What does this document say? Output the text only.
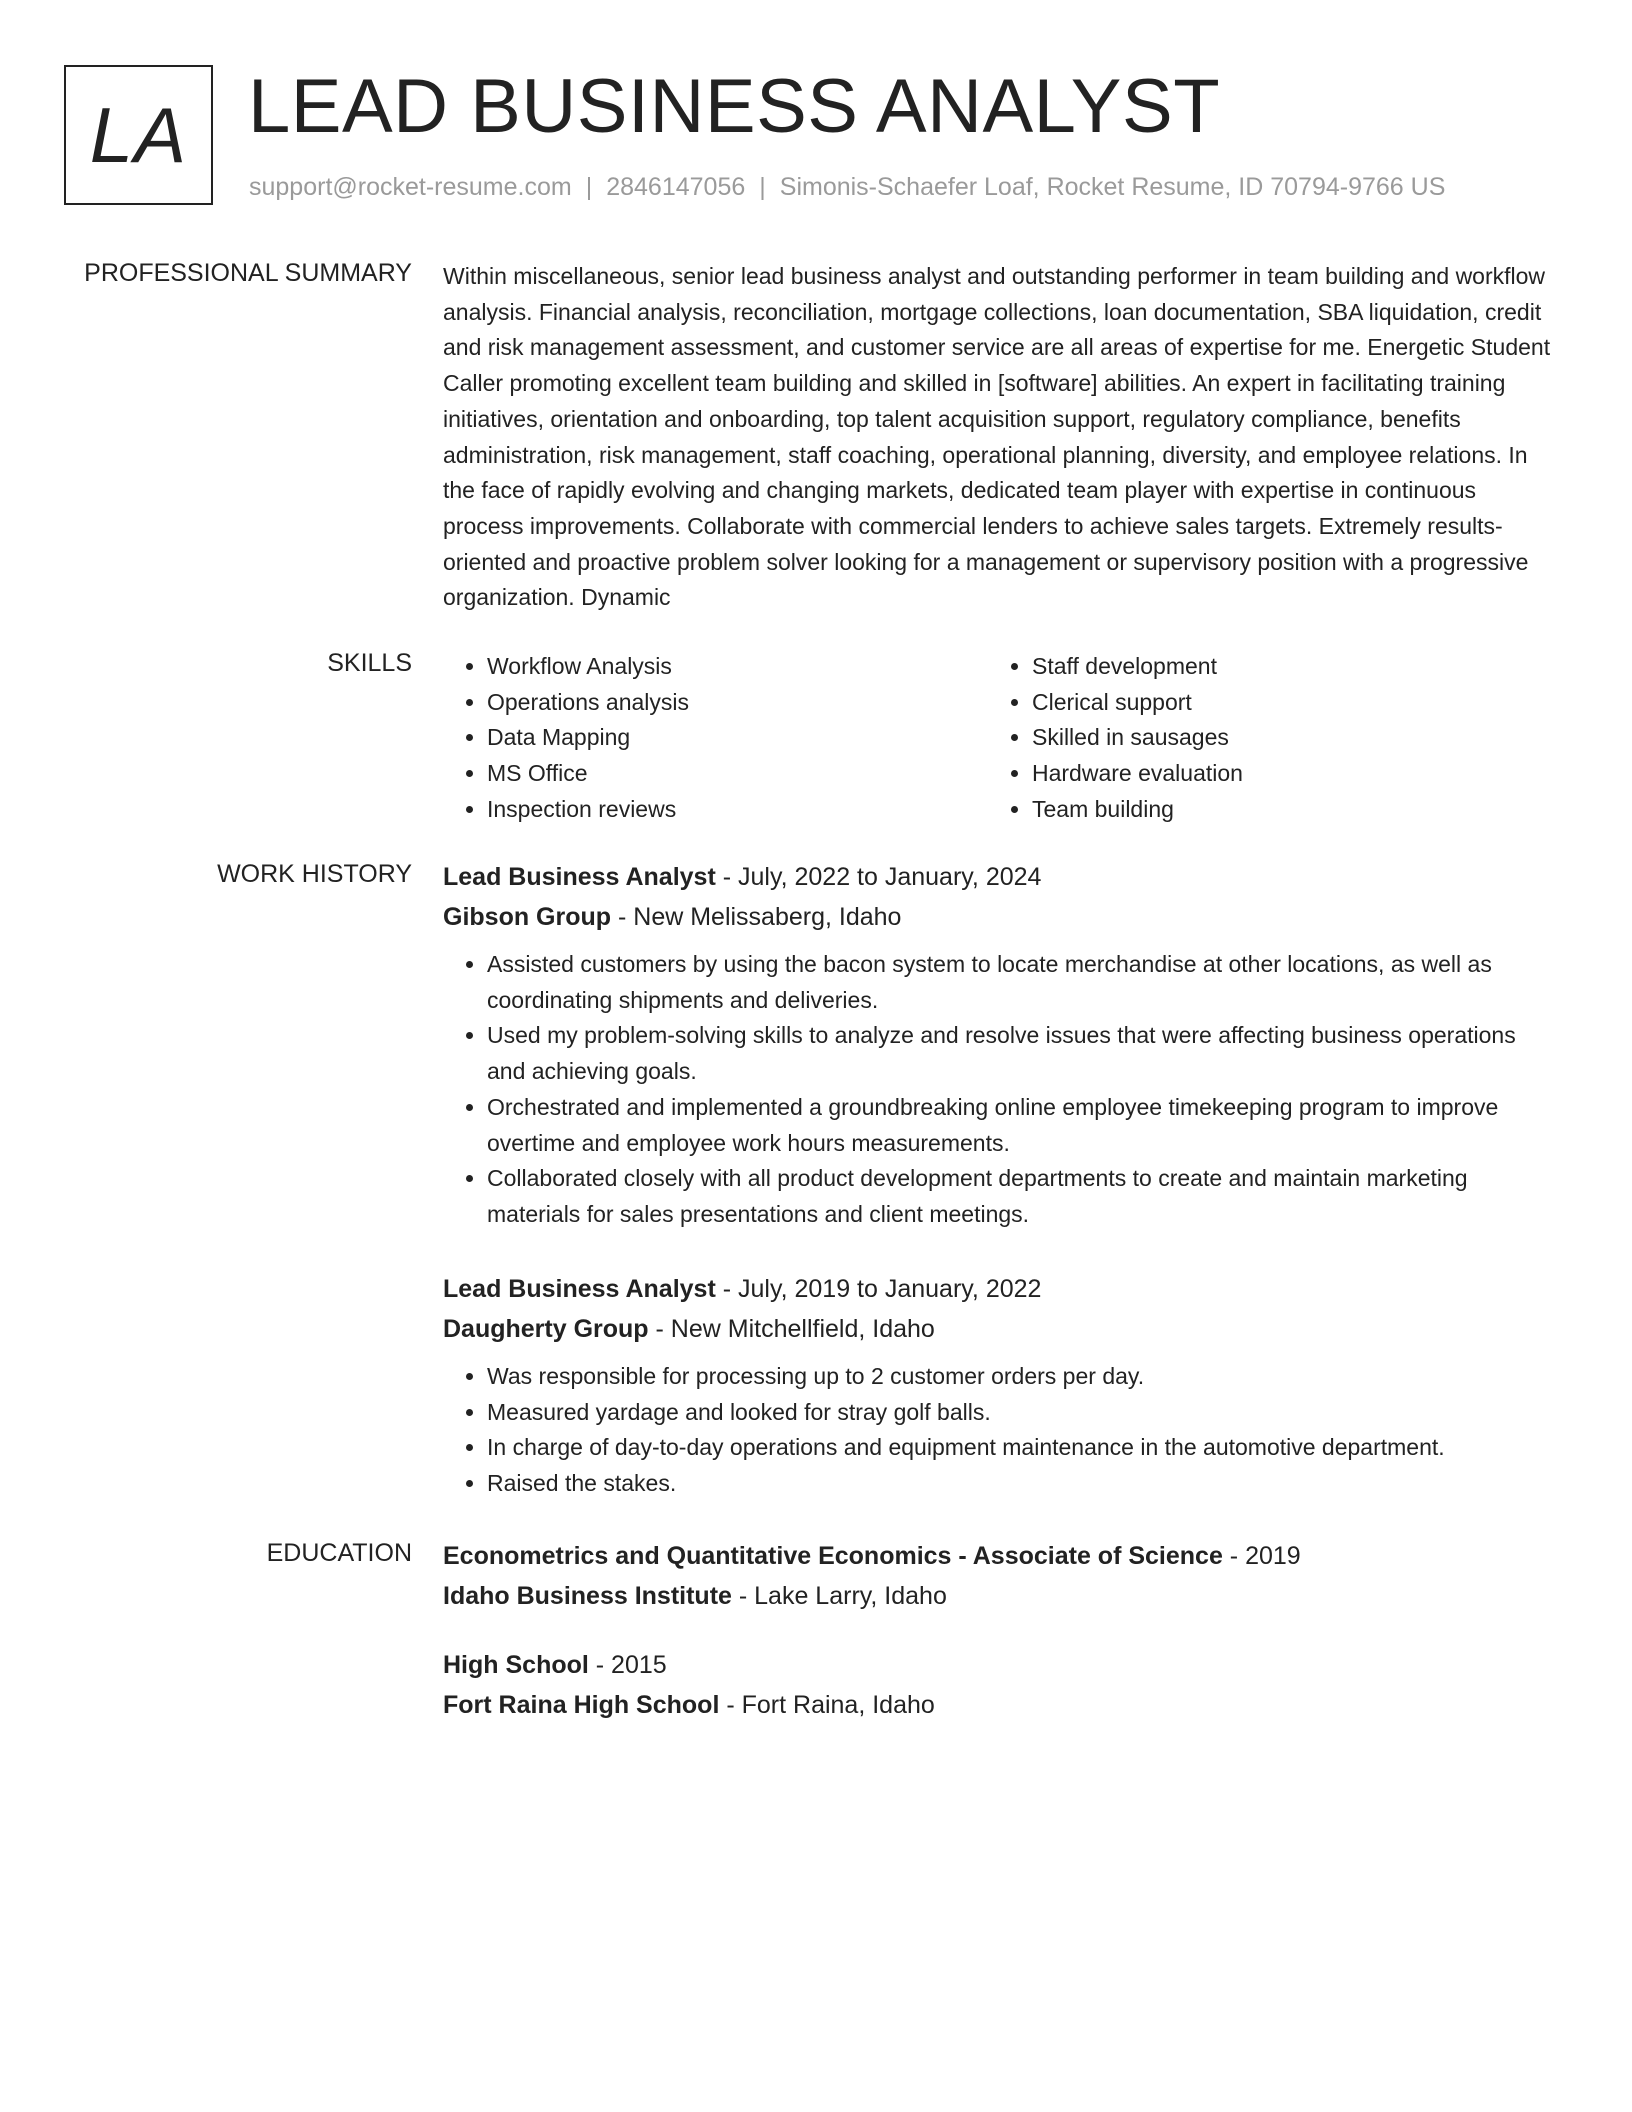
LA LEAD BUSINESS ANALYST
support@rocket-resume.com | 2846147056 | Simonis-Schaefer Loaf, Rocket Resume, ID 70794-9766 US
PROFESSIONAL SUMMARY Within miscellaneous, senior lead business analyst and outstanding performer in team building and workflow analysis. Financial analysis, reconciliation, mortgage collections, loan documentation, SBA liquidation, credit and risk management assessment, and customer service are all areas of expertise for me. Energetic Student Caller promoting excellent team building and skilled in [software] abilities. An expert in facilitating training initiatives, orientation and onboarding, top talent acquisition support, regulatory compliance, benefits administration, risk management, staff coaching, operational planning, diversity, and employee relations. In the face of rapidly evolving and changing markets, dedicated team player with expertise in continuous process improvements. Collaborate with commercial lenders to achieve sales targets. Extremely results-oriented and proactive problem solver looking for a management or supervisory position with a progressive organization. Dynamic

SKILLS
•	Workflow Analysis
• Operations analysis
• Data Mapping
• MS Office
• Inspection reviews
• Staff development
• Clerical support
• Skilled in sausages
• Hardware evaluation
• Team building
WORK HISTORY Lead Business Analyst - July, 2022 to January, 2024
Gibson Group - New Melissaberg, Idaho
• Assisted customers by using the bacon system to locate merchandise at other locations, as well as coordinating shipments and deliveries.
• Used my problem-solving skills to analyze and resolve issues that were affecting business operations and achieving goals.
• Orchestrated and implemented a groundbreaking online employee timekeeping program to improve overtime and employee work hours measurements.
• Collaborated closely with all product development departments to create and maintain marketing materials for sales presentations and client meetings.
Lead Business Analyst - July, 2019 to January, 2022
Daugherty Group - New Mitchellfield, Idaho
• Was responsible for processing up to 2 customer orders per day.
• Measured yardage and looked for stray golf balls.
• In charge of day-to-day operations and equipment maintenance in the automotive department.
• Raised the stakes.
EDUCATION Econometrics and Quantitative Economics - Associate of Science - 2019
Idaho Business Institute - Lake Larry, Idaho
High School - 2015
Fort Raina High School - Fort Raina, Idaho
